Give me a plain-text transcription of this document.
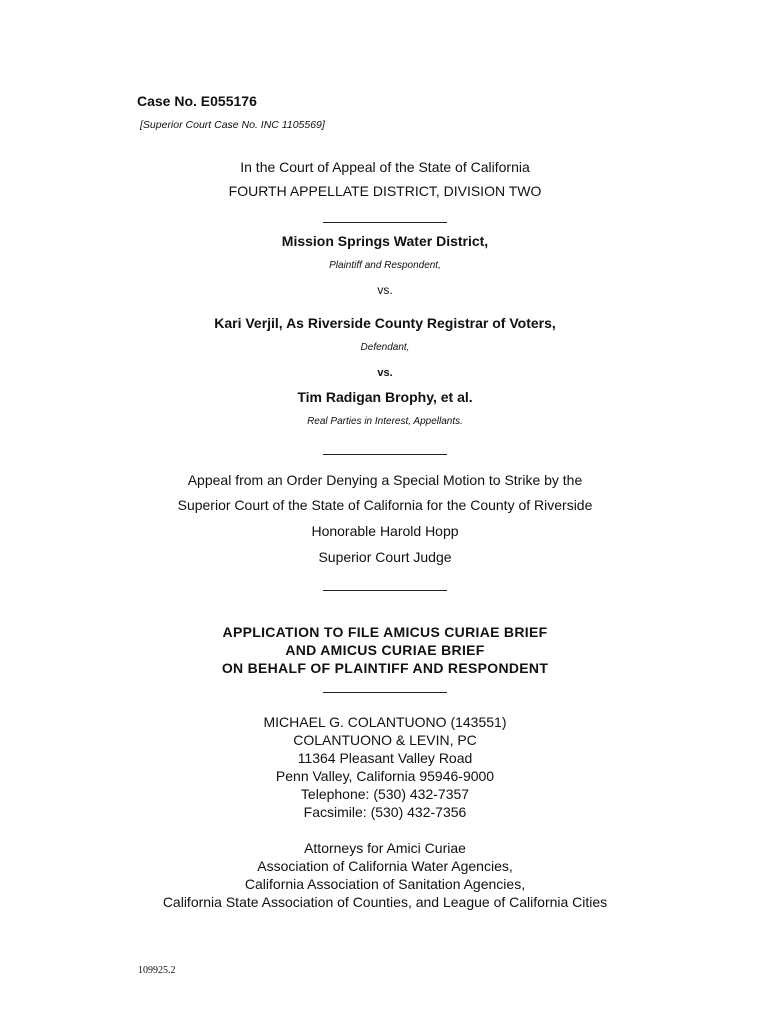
Case No. E055176
[Superior Court Case No. INC 1105569]
In the Court of Appeal of the State of California
FOURTH APPELLATE DISTRICT, DIVISION TWO
Mission Springs Water District,
Plaintiff and Respondent,
vs.
Kari Verjil, As Riverside County Registrar of Voters,
Defendant,
vs.
Tim Radigan Brophy, et al.
Real Parties in Interest, Appellants.
Appeal from an Order Denying a Special Motion to Strike by the
Superior Court of the State of California for the County of Riverside
Honorable Harold Hopp
Superior Court Judge
APPLICATION TO FILE AMICUS CURIAE BRIEF
AND AMICUS CURIAE BRIEF
ON BEHALF OF PLAINTIFF AND RESPONDENT
MICHAEL G. COLANTUONO (143551)
COLANTUONO & LEVIN, PC
11364 Pleasant Valley Road
Penn Valley, California 95946-9000
Telephone: (530) 432-7357
Facsimile: (530) 432-7356
Attorneys for Amici Curiae
Association of California Water Agencies,
California Association of Sanitation Agencies,
California State Association of Counties, and League of California Cities
109925.2
